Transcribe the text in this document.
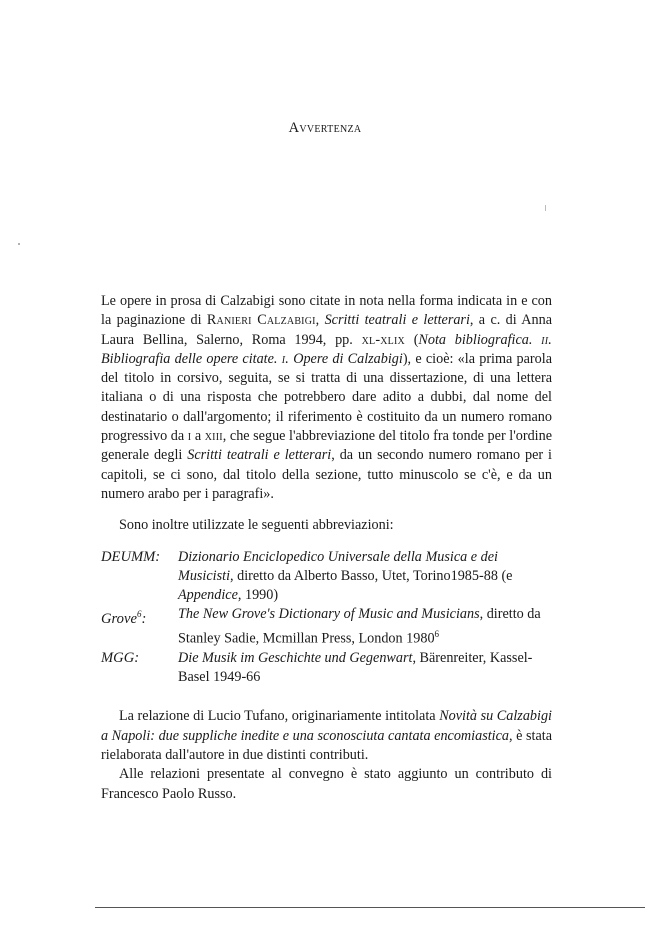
Avvertenza

Le opere in prosa di Calzabigi sono citate in nota nella forma indicata in e con la paginazione di Ranieri Calzabigi, Scritti teatrali e letterari, a c. di Anna Laura Bellina, Salerno, Roma 1994, pp. xl-xlix (Nota bibliografica. ii. Bibliografia delle opere citate. i. Opere di Calzabigi), e cioè: «la prima parola del titolo in corsivo, seguita, se si tratta di una dissertazione, di una lettera italiana o di una risposta che potrebbero dare adito a dubbi, dal nome del destinatario o dall'argomento; il riferimento è costituito da un numero romano progressivo da i a xiii, che segue l'abbreviazione del titolo fra tonde per l'ordine generale degli Scritti teatrali e letterari, da un secondo numero romano per i capitoli, se ci sono, dal titolo della sezione, tutto minuscolo se c'è, e da un numero arabo per i paragrafi».

Sono inoltre utilizzate le seguenti abbreviazioni:

DEUMM:	Dizionario Enciclopedico Universale della Musica e dei Musicisti, diretto da Alberto Basso, Utet, Torino1985-88 (e Appendice, 1990)
Grove$^6$:	The New Grove's Dictionary of Music and Musicians, diretto da Stanley Sadie, Mcmillan Press, London 1980$^6$
MGG:	Die Musik im Geschichte und Gegenwart, Bärenreiter, Kassel-Basel 1949-66

La relazione di Lucio Tufano, originariamente intitolata Novità su Calzabigi a Napoli: due suppliche inedite e una sconosciuta cantata encomiastica, è stata rielaborata dall'autore in due distinti contributi.

Alle relazioni presentate al convegno è stato aggiunto un contributo di Francesco Paolo Russo.
